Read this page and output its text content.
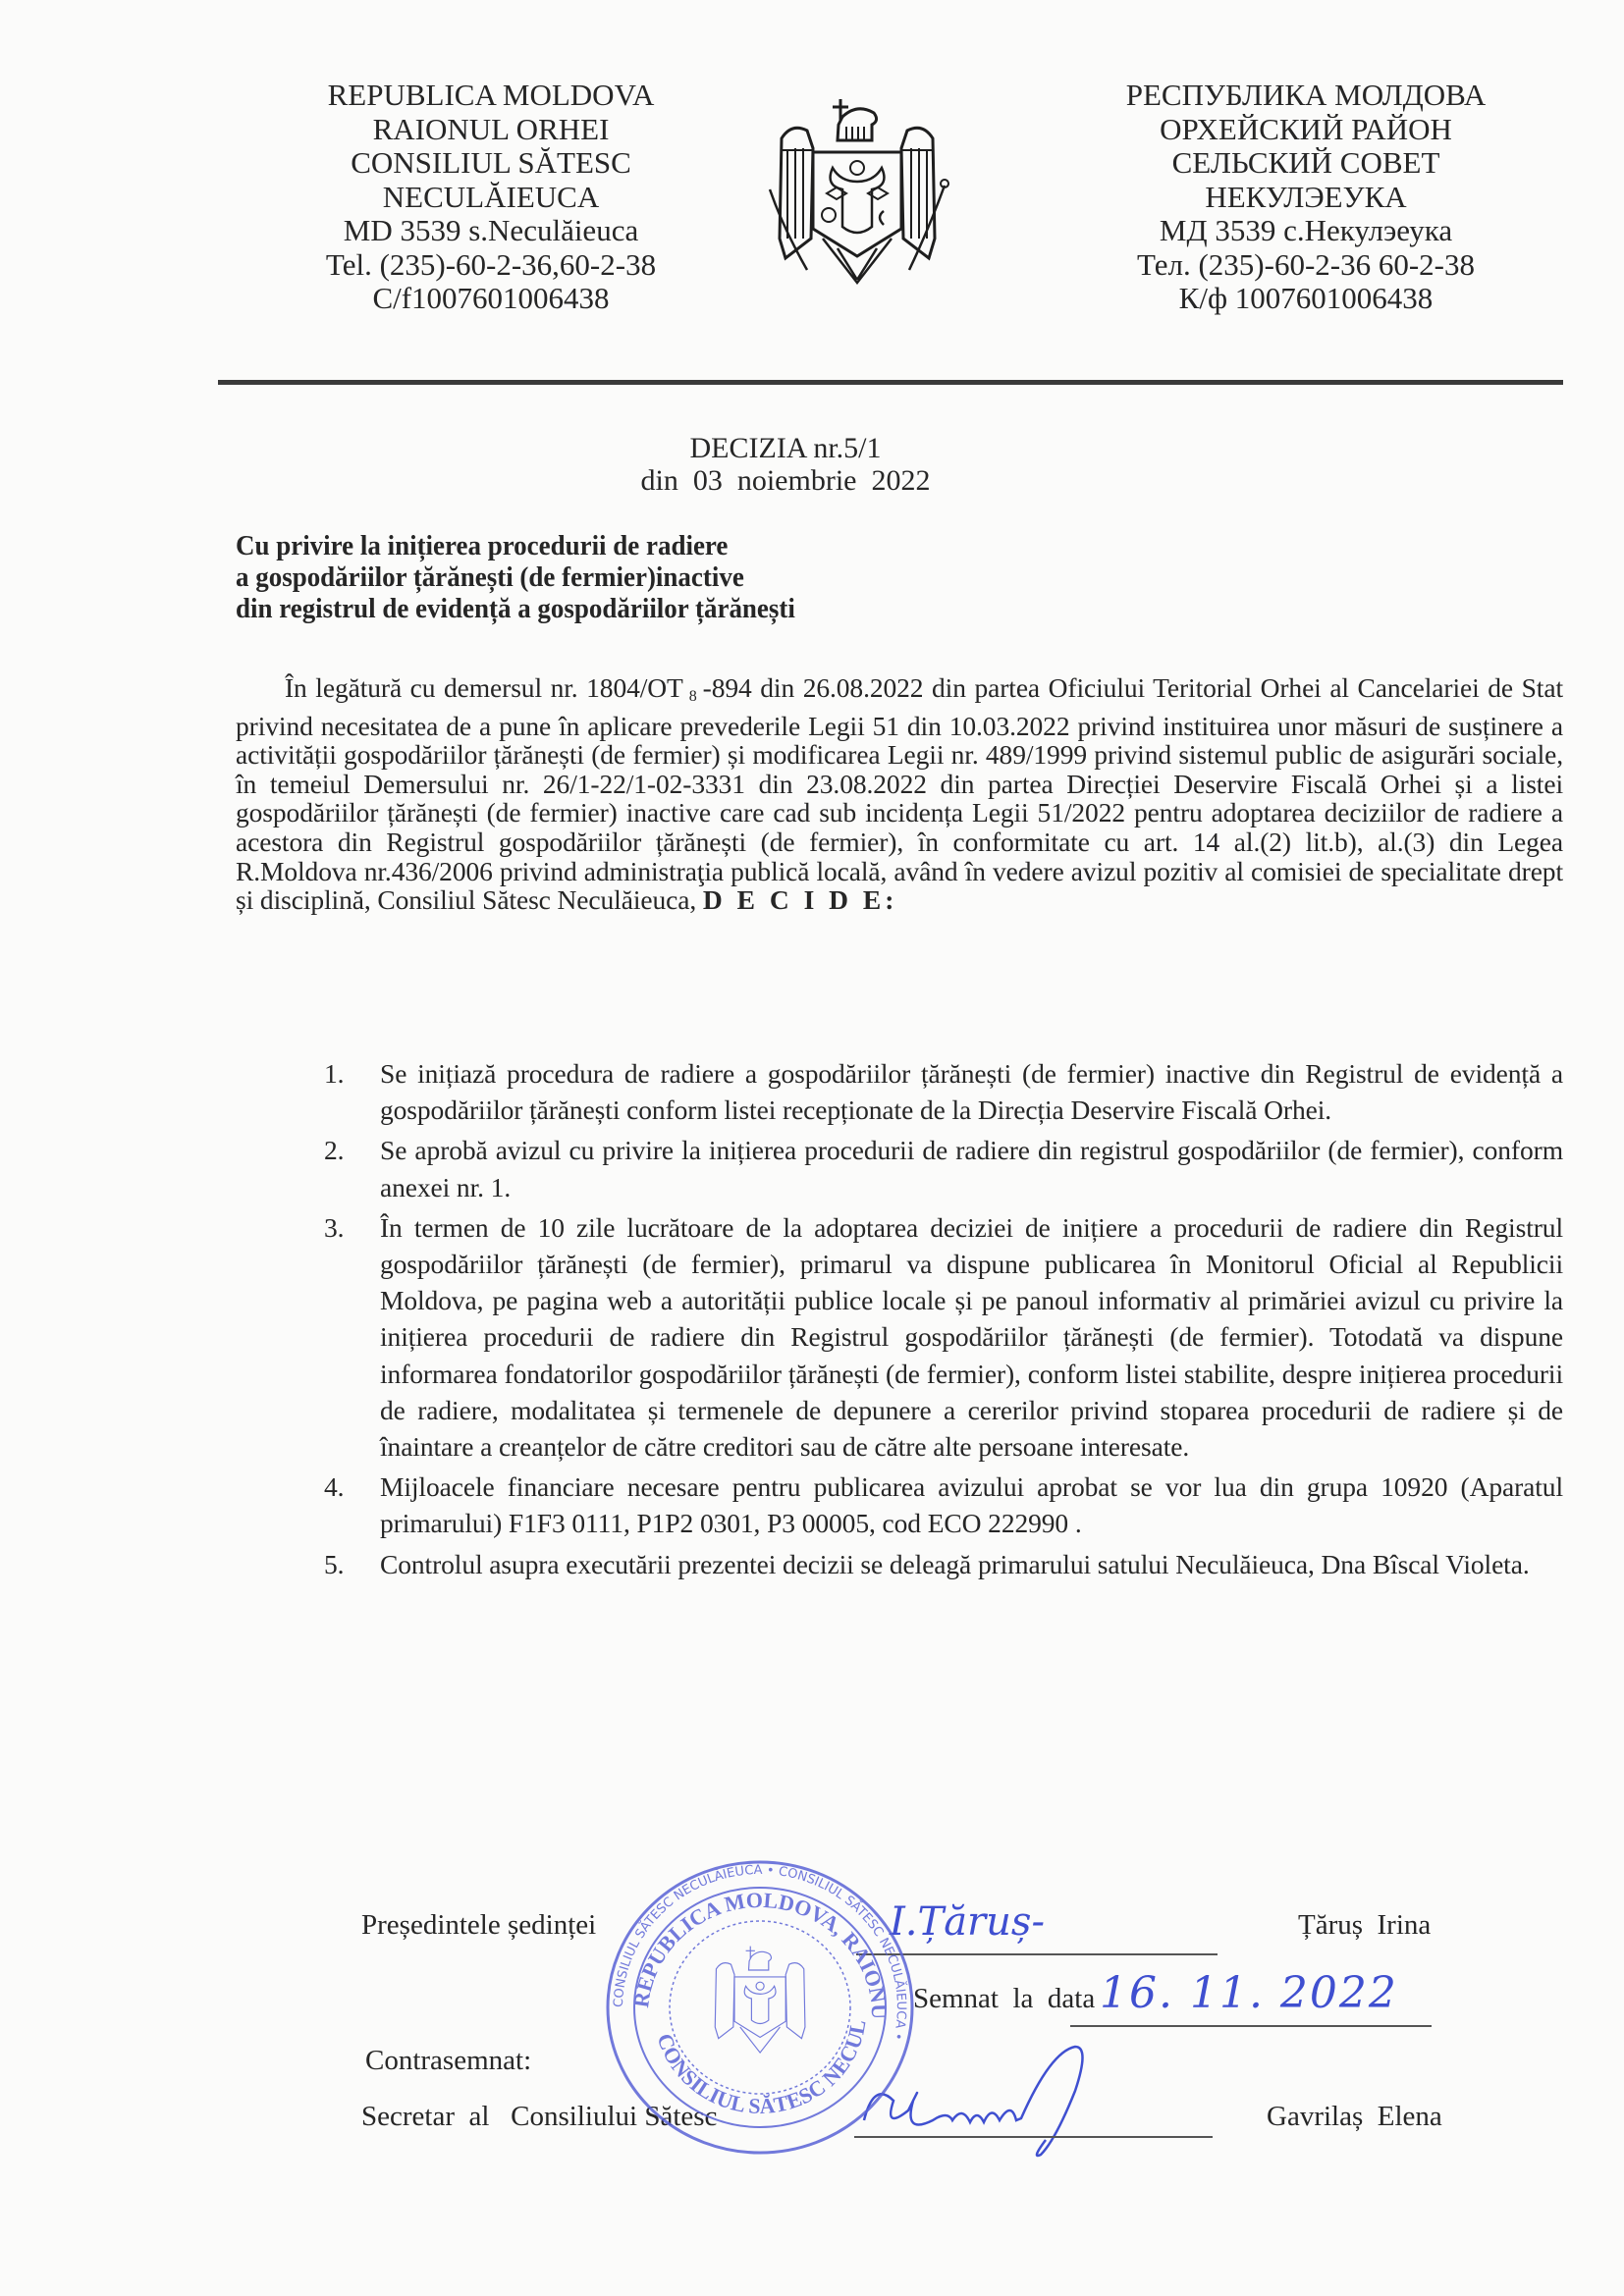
REPUBLICA MOLDOVA
RAIONUL ORHEI
CONSILIUL SĂTESC
NECULĂIEUCA
MD 3539 s.Neculăieuca
Tel. (235)-60-2-36,60-2-38
C/f1007601006438
РЕСПУБЛИКА МОЛДОВА
ОРХЕЙСКИЙ РАЙОН
СЕЛЬСКИЙ СОВЕТ
НЕКУЛЭЕУКА
МД 3539 с.Некулэеука
Тел. (235)-60-2-36 60-2-38
К/ф 1007601006438
DECIZIA nr.5/1
din  03  noiembrie  2022
Cu privire la inițierea procedurii de radiere
a gospodăriilor țărănești (de fermier)inactive
din registrul de evidență a gospodăriilor țărănești
În legătură cu demersul nr. 1804/OT $_8$ -894 din 26.08.2022 din partea Oficiului Teritorial Orhei al Cancelariei de Stat privind necesitatea de a pune în aplicare prevederile Legii 51 din 10.03.2022 privind instituirea unor măsuri de susținere a activității gospodăriilor țărănești (de fermier) și modificarea Legii nr. 489/1999 privind sistemul public de asigurări sociale, în temeiul Demersului nr. 26/1-22/1-02-3331 din 23.08.2022 din partea Direcției Deservire Fiscală Orhei și a listei gospodăriilor țărănești (de fermier) inactive care cad sub incidența Legii 51/2022 pentru adoptarea deciziilor de radiere a acestora din Registrul gospodăriilor țărănești (de fermier), în conformitate cu art. 14 al.(2) lit.b), al.(3) din Legea R.Moldova nr.436/2006 privind administraţia publică locală, având în vedere avizul pozitiv al comisiei de specialitate drept și disciplină, Consiliul Sătesc Neculăieuca, D E C I D E:
1. Se inițiază procedura de radiere a gospodăriilor țărănești (de fermier) inactive din Registrul de evidență a gospodăriilor țărănești conform listei recepționate de la Direcția Deservire Fiscală Orhei.
2. Se aprobă avizul cu privire la inițierea procedurii de radiere din registrul gospodăriilor (de fermier), conform anexei nr. 1.
3. În termen de 10 zile lucrătoare de la adoptarea deciziei de inițiere a procedurii de radiere din Registrul gospodăriilor țărănești (de fermier), primarul va dispune publicarea în Monitorul Oficial al Republicii Moldova, pe pagina web a autorității publice locale și pe panoul informativ al primăriei avizul cu privire la inițierea procedurii de radiere din Registrul gospodăriilor țărănești (de fermier). Totodată va dispune informarea fondatorilor gospodăriilor țărănești (de fermier), conform listei stabilite, despre inițierea procedurii de radiere, modalitatea și termenele de depunere a cererilor privind stoparea procedurii de radiere și de înaintare a creanțelor de către creditori sau de către alte persoane interesate.
4. Mijloacele financiare necesare pentru publicarea avizului aprobat se vor lua din grupa 10920 (Aparatul primarului) F1F3 0111, P1P2 0301, P3 00005, cod ECO 222990 .
5. Controlul asupra executării prezentei decizii se deleagă primarului satului Neculăieuca, Dna Bîscal Violeta.
Președintele ședinței	I.Țăruș-	Țăruș  Irina
Semnat  la  data 16. 11. 2022
Contrasemnat:
Secretar  al   Consiliului Sătesc	Gavrilaș  Elena
CONSILIUL SĂTESC NECULĂIEUCA • CONSILIUL SĂTESC NECULĂIEUCA •
REPUBLICA MOLDOVA, RAIONU
CONSILIUL SĂTESC NECUL
